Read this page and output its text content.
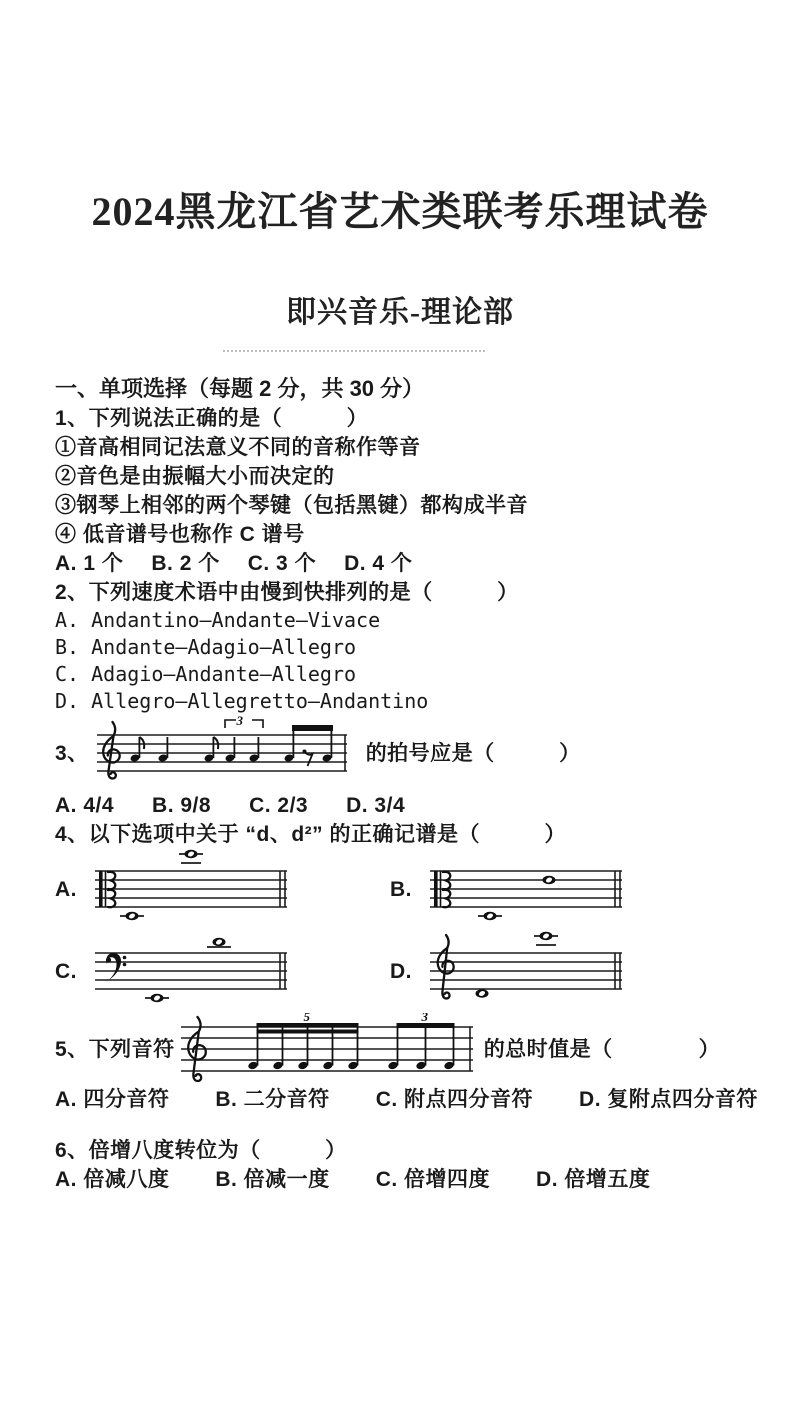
2024黑龙江省艺术类联考乐理试卷
即兴音乐-理论部
一、单项选择（每题 2 分，共 30 分）
1、下列说法正确的是（　　　）
①音高相同记法意义不同的音称作等音
②音色是由振幅大小而决定的
③钢琴上相邻的两个琴键（包括黑键）都构成半音
④ 低音谱号也称作 C 谱号
A. 1 个 B. 2 个 C. 3 个 D. 4 个
2、下列速度术语中由慢到快排列的是（　　　）
A. Andantino—Andante—Vivace
B. Andante—Adagio—Allegro
C. Adagio—Andante—Allegro
D. Allegro—Allegretto—Andantino
3、
3
的拍号应是（　　　）
A. 4/4 B. 9/8 C. 2/3 D. 3/4
4、以下选项中关于 “d、d²” 的正确记谱是（　　　）
A.	B.
C.	D.
5、下列音符
5	3
的总时值是（　　　　）
A. 四分音符 B. 二分音符 C. 附点四分音符 D. 复附点四分音符
6、倍增八度转位为（　　　）
A. 倍减八度 B. 倍减一度 C. 倍增四度 D. 倍增五度
